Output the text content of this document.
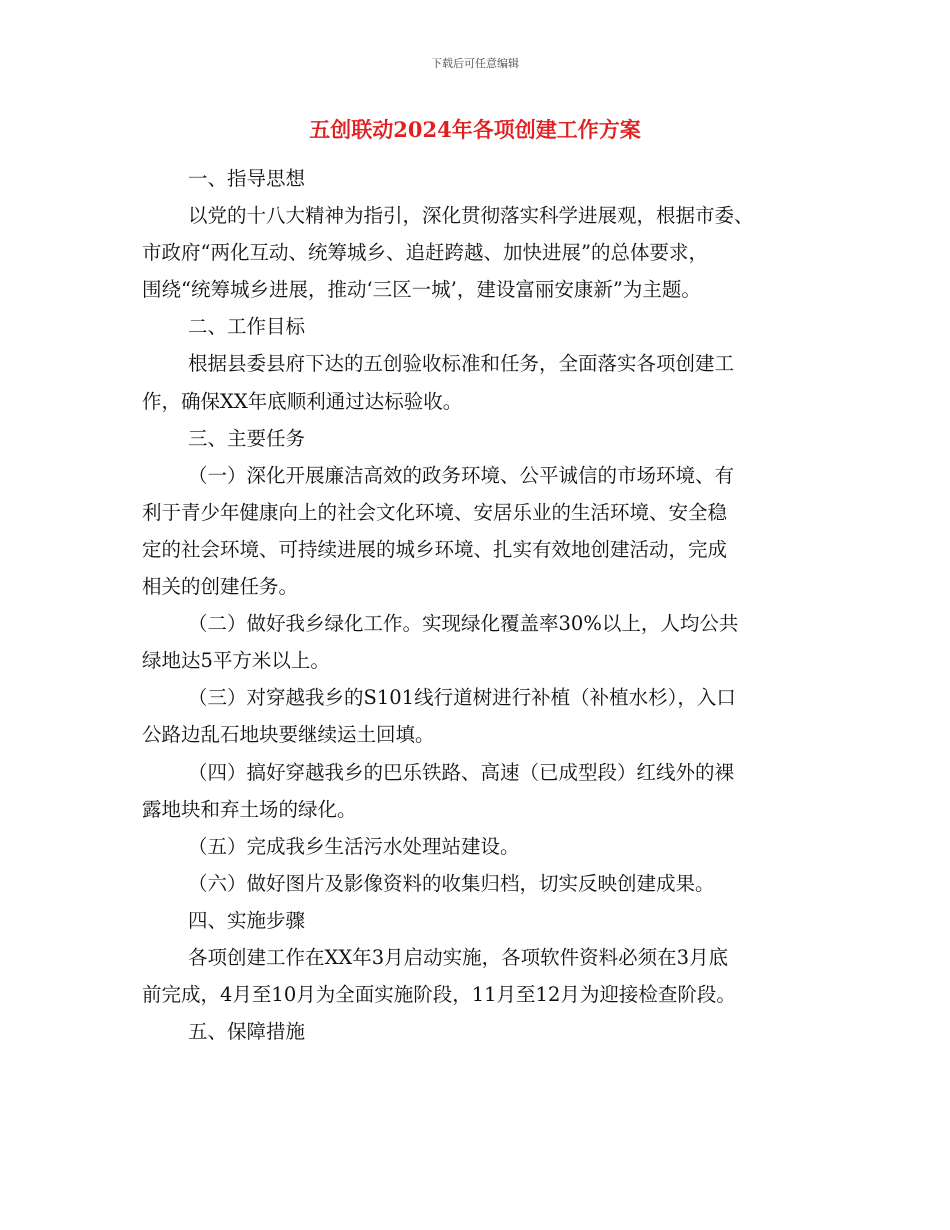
下载后可任意编辑
五创联动2024年各项创建工作方案
一、指导思想
以党的十八大精神为指引，深化贯彻落实科学进展观，根据市委、
市政府“两化互动、统筹城乡、追赶跨越、加快进展”的总体要求，
围绕“统筹城乡进展，推动‘三区一城’，建设富丽安康新”为主题。
二、工作目标
根据县委县府下达的五创验收标准和任务，全面落实各项创建工
作，确保XX年底顺利通过达标验收。
三、主要任务
（一）深化开展廉洁高效的政务环境、公平诚信的市场环境、有
利于青少年健康向上的社会文化环境、安居乐业的生活环境、安全稳
定的社会环境、可持续进展的城乡环境、扎实有效地创建活动，完成
相关的创建任务。
（二）做好我乡绿化工作。实现绿化覆盖率30%以上，人均公共
绿地达5平方米以上。
（三）对穿越我乡的S101线行道树进行补植（补植水杉），入口
公路边乱石地块要继续运土回填。
（四）搞好穿越我乡的巴乐铁路、高速（已成型段）红线外的裸
露地块和弃土场的绿化。
（五）完成我乡生活污水处理站建设。
（六）做好图片及影像资料的收集归档，切实反映创建成果。
四、实施步骤
各项创建工作在XX年3月启动实施，各项软件资料必须在3月底
前完成，4月至10月为全面实施阶段，11月至12月为迎接检查阶段。
五、保障措施
